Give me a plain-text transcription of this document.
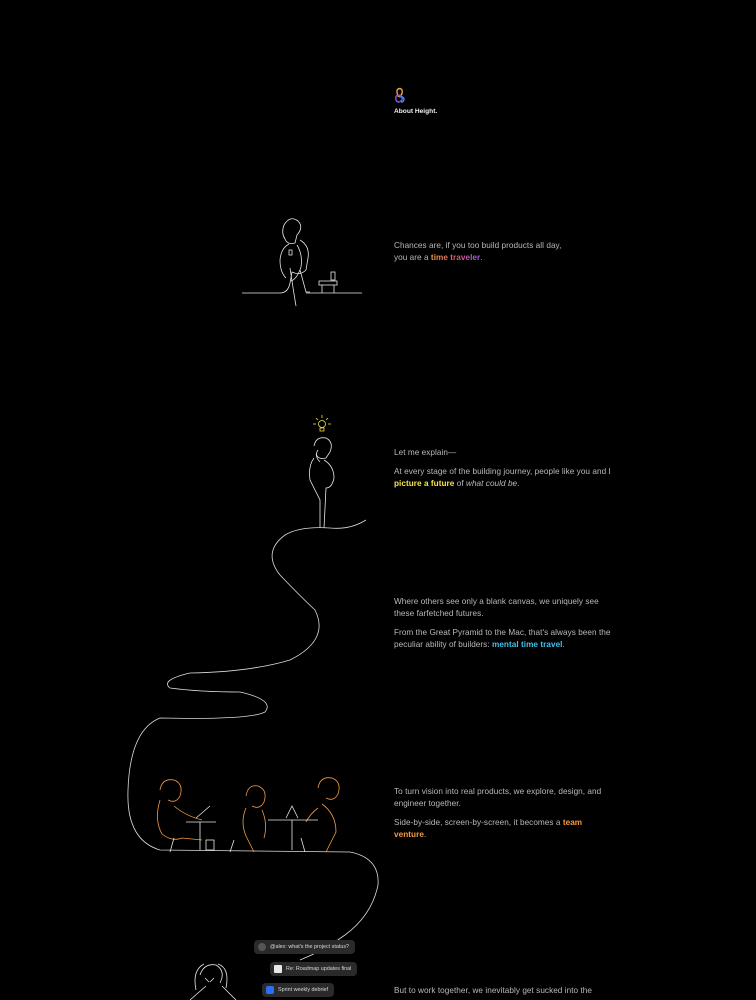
About Height.
Chances are, if you too build products all day,
you are a time traveler.
Let me explain—
At every stage of the building journey, people like you and I
picture a future of what could be.
Where others see only a blank canvas, we uniquely see
these farfetched futures.
From the Great Pyramid to the Mac, that's always been the
peculiar ability of builders: mental time travel.
To turn vision into real products, we explore, design, and
engineer together.
Side-by-side, screen-by-screen, it becomes a team
venture.
@alex: what's the project status?
Re: Roadmap updates final
Sprint weekly debrief	But to work together, we inevitably get sucked into the
